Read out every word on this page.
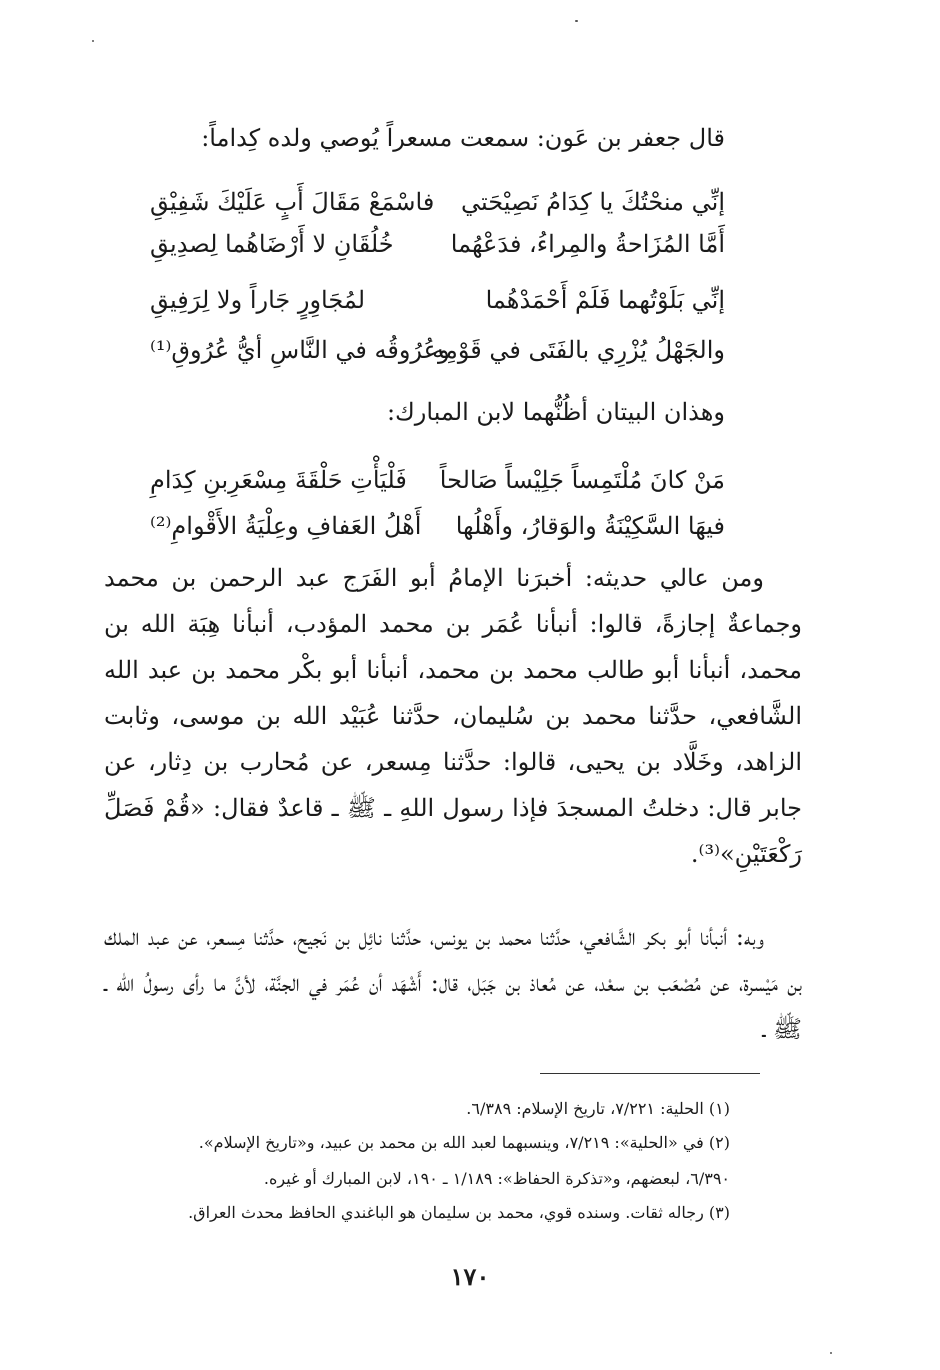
قال جعفر بن عَون: سمعت مسعراً يُوصي ولده كِداماً:
إنِّي منحْتُكَ يا كِدَامُ نَصِيْحَتي
فاسْمَعْ مَقَالَ أَبٍ عَلَيْكَ شَفِيْقِ
أَمَّا المُزَاحةُ والمِراءُ، فدَعْهُما
خُلُقَانِ لا أَرْضَاهُما لِصدِيقِ
إنِّي بَلَوْتُهما فَلَمْ أَحْمَدْهُما
لمُجَاوِرٍ جَاراً ولا لِرَفِيقِ
والجَهْلُ يُزْرِي بالفَتَى في قَوْمِه
وعُرُوقُه في النَّاسِ أيُّ عُرُوقِ⁽¹⁾
وهذان البيتان أظُنُّهما لابن المبارك:
مَنْ كانَ مُلْتَمِساً جَلِيْساً صَالحاً
فَلْيَأْتِ حَلْقَةَ مِسْعَرِبنِ كِدَامِ
فيهَا السَّكِيْنَةُ والوَقارُ، وأَهْلُها
أَهْلُ العَفافِ وعِلْيَةُ الأَقْوامِ⁽²⁾
ومن عالي حديثه: أخبرَنا الإمامُ أبو الفَرَج عبد الرحمن بن محمد وجماعةٌ إجازةً، قالوا: أنبأنا عُمَر بن محمد المؤدب، أنبأنا هِبَة الله بن محمد، أنبأنا أبو طالب محمد بن محمد، أنبأنا أبو بكْر محمد بن عبد الله الشَّافعي، حدَّثنا محمد بن سُليمان، حدَّثنا عُبَيْد الله بن موسى، وثابت الزاهد، وخَلَّاد بن يحيى، قالوا: حدَّثنا مِسعر، عن مُحارب بن دِثار، عن جابر قال: دخلتُ المسجدَ فإذا رسول اللهِ ـ ﷺ ـ قاعدٌ فقال: «قُمْ فَصَلِّ رَكْعَتَيْنِ»⁽³⁾.
وبه: أنبأنا أبو بكر الشَّافعي، حدَّثنا محمد بن يونس، حدَّثنا نائِل بن نَجيح، حدَّثنا مِسعر، عن عبد الملك بن مَيْسرة، عن مُصْعَب بن سعْد، عن مُعاذ بن جَبَل، قال: أَشْهَد أن عُمَر في الجنَّة، لأنَّ ما رأى رسولُ الله ـ ﷺ ـ
(١) الحلية: ٧/٢٢١، تاريخ الإسلام: ٦/٣٨٩.
(٢) في «الحلية»: ٧/٢١٩، وينسبهما لعبد الله بن محمد بن عبيد، و«تاريخ الإسلام».
٦/٣٩٠، لبعضهم، و«تذكرة الحفاظ»: ١/١٨٩ ـ ١٩٠، لابن المبارك أو غيره.
(٣) رجاله ثقات. وسنده قوي، محمد بن سليمان هو الباغندي الحافظ محدث العراق.
١٧٠
